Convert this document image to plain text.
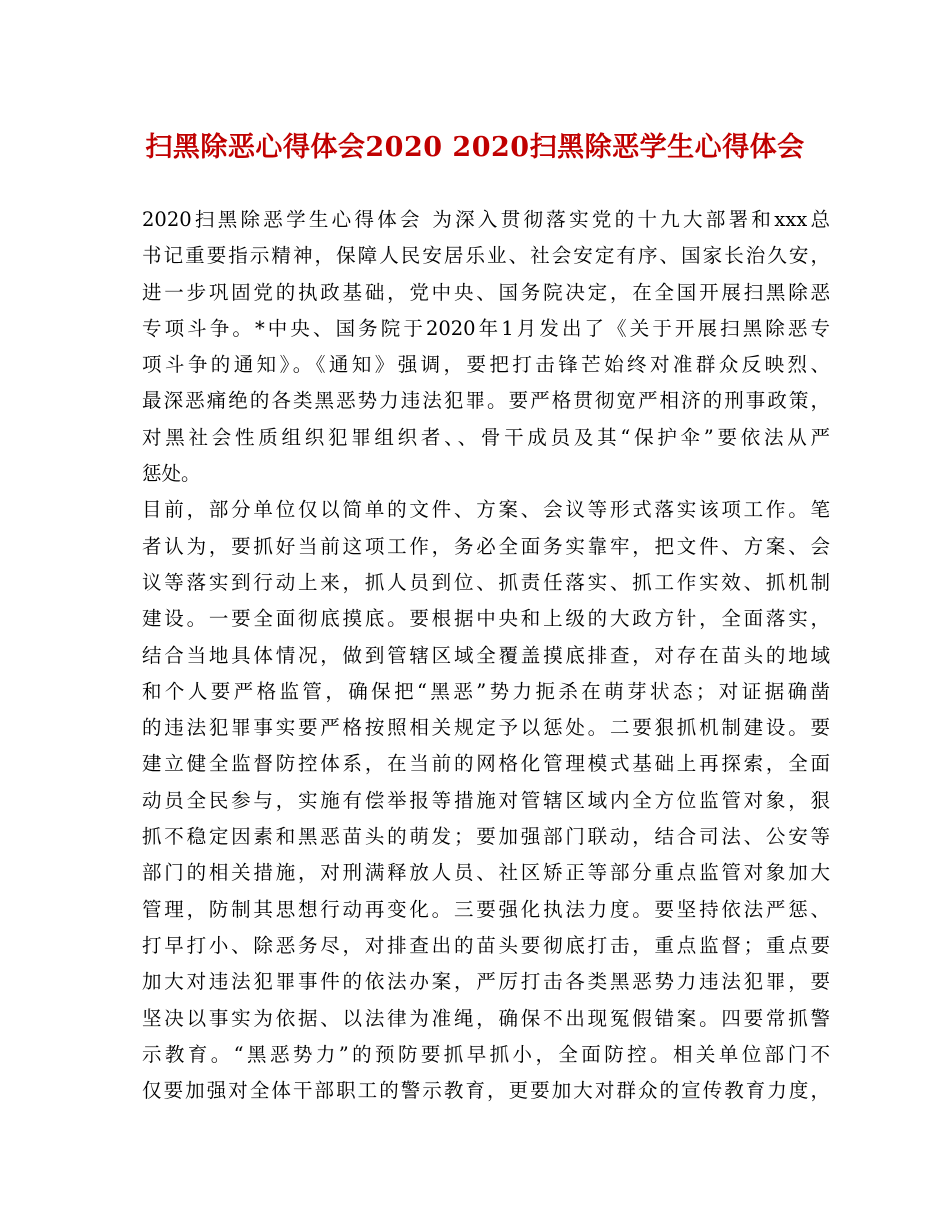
扫黑除恶心得体会2020 2020扫黑除恶学生心得体会
2020扫黑除恶学生心得体会 为深入贯彻落实党的十九大部署和xxx总
书记重要指示精神，保障人民安居乐业、社会安定有序、国家长治久安，
进一步巩固党的执政基础，党中央、国务院决定，在全国开展扫黑除恶
专项斗争。*中央、国务院于2020年1月发出了《关于开展扫黑除恶专
项斗争的通知》。《通知》强调，要把打击锋芒始终对准群众反映烈、
最深恶痛绝的各类黑恶势力违法犯罪。要严格贯彻宽严相济的刑事政策，
对黑社会性质组织犯罪组织者、、骨干成员及其“保护伞”要依法从严
惩处。
目前，部分单位仅以简单的文件、方案、会议等形式落实该项工作。笔
者认为，要抓好当前这项工作，务必全面务实靠牢，把文件、方案、会
议等落实到行动上来，抓人员到位、抓责任落实、抓工作实效、抓机制
建设。一要全面彻底摸底。要根据中央和上级的大政方针，全面落实，
结合当地具体情况，做到管辖区域全覆盖摸底排查，对存在苗头的地域
和个人要严格监管，确保把“黑恶”势力扼杀在萌芽状态；对证据确凿
的违法犯罪事实要严格按照相关规定予以惩处。二要狠抓机制建设。要
建立健全监督防控体系，在当前的网格化管理模式基础上再探索，全面
动员全民参与，实施有偿举报等措施对管辖区域内全方位监管对象，狠
抓不稳定因素和黑恶苗头的萌发；要加强部门联动，结合司法、公安等
部门的相关措施，对刑满释放人员、社区矫正等部分重点监管对象加大
管理，防制其思想行动再变化。三要强化执法力度。要坚持依法严惩、
打早打小、除恶务尽，对排查出的苗头要彻底打击，重点监督；重点要
加大对违法犯罪事件的依法办案，严厉打击各类黑恶势力违法犯罪，要
坚决以事实为依据、以法律为准绳，确保不出现冤假错案。四要常抓警
示教育。“黑恶势力”的预防要抓早抓小，全面防控。相关单位部门不
仅要加强对全体干部职工的警示教育，更要加大对群众的宣传教育力度，
